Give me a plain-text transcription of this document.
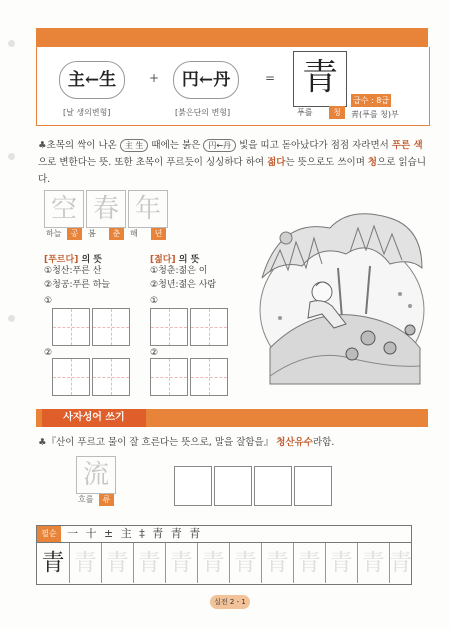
主←生
[날 생의변형]
+	円←丹
[붉은단의 변형]
= 青
푸를	청
급수 : 8급
靑(푸를 청)부
♣초목의 싹이 나온 主 生 때에는 붉은 円←丹 빛을 띠고 돋아났다가 점점 자라면서 푸른 색으로 변한다는 뜻. 또한 초목이 푸르듯이 싱싱하다 하여 젊다는 뜻으로도 쓰이며 청으로 읽습니다.
空
하늘	공
春
봄	춘
年
해	년
[푸르다] 의 뜻
①청산:푸른 산
②청공:푸른 하늘
[젊다] 의 뜻
①청춘:젊은 이
②청년:젊은 사람
①
②
①
②
사자성어 쓰기
♣『산이 푸르고 물이 잘 흐른다는 뜻으로, 말을 잘함을』 청산유수라함.
流
흐를	류
필순 一 十 ± 主 ‡ 青 青 青
青 青 青 青 青 青 青 青 青 青 青 青
실전 2 - 1
